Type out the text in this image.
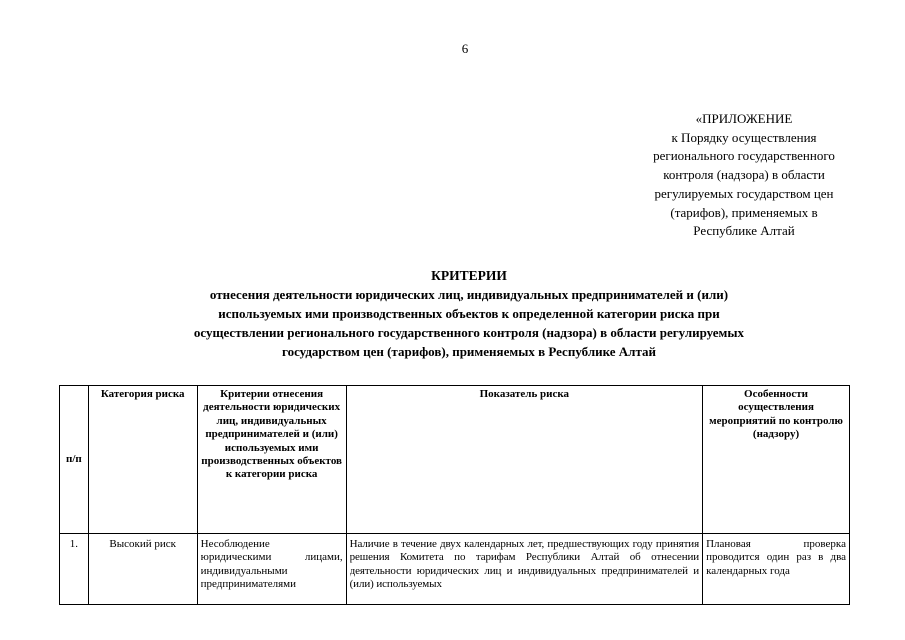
6
«ПРИЛОЖЕНИЕ
к Порядку осуществления
регионального государственного
контроля (надзора) в области
регулируемых государством цен
(тарифов), применяемых в
Республике Алтай
КРИТЕРИИ
отнесения деятельности юридических лиц, индивидуальных предпринимателей и (или)
используемых ими производственных объектов к определенной категории риска при
осуществлении регионального государственного контроля (надзора) в области регулируемых
государством цен (тарифов), применяемых в Республике Алтай
п/п	Категория риска	Критерии отнесения деятельности юридических лиц, индивидуальных предпринимателей и (или) используемых ими производственных объектов к категории риска	Показатель риска	Особенности осуществления мероприятий по контролю (надзору)
1.	Высокий риск	Несоблюдение юридическими лицами, индивидуальными предпринимателями	Наличие в течение двух календарных лет, предшествующих году принятия решения Комитета по тарифам Республики Алтай об отнесении деятельности юридических лиц и индивидуальных предпринимателей и (или) используемых	Плановая проверка проводится один раз в два календарных года
